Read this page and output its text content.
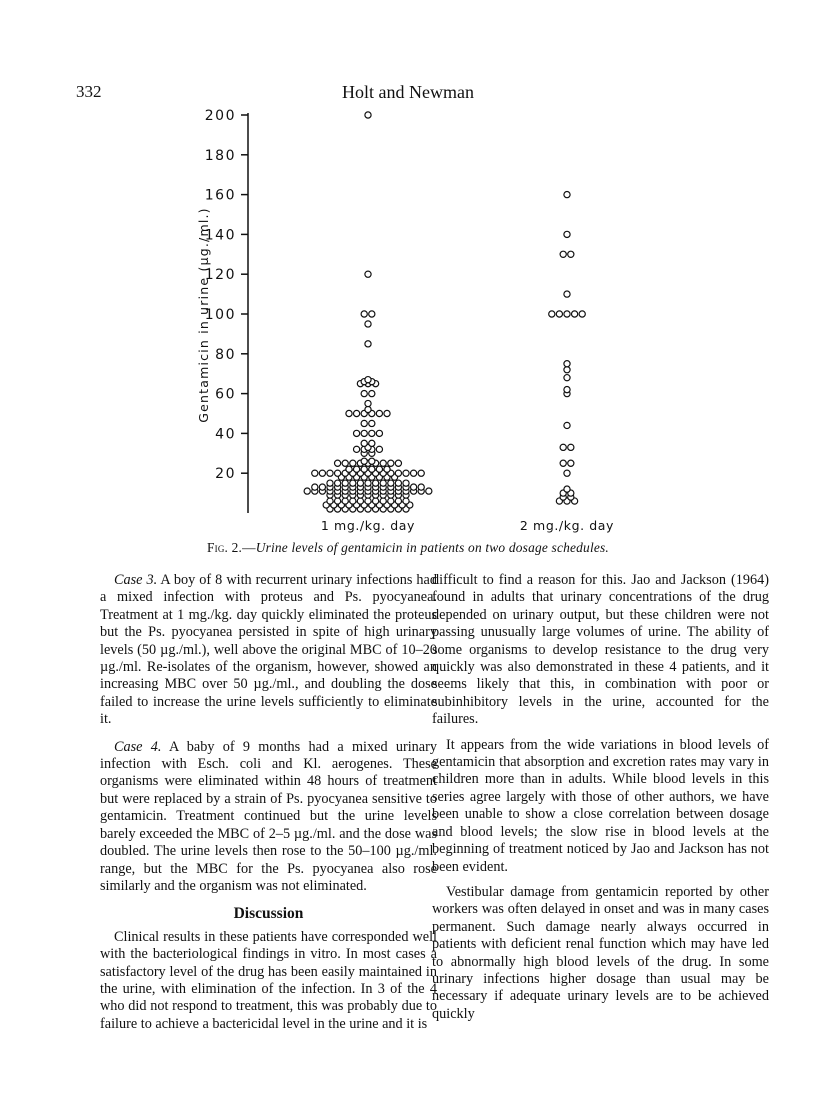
332	Holt and Newman
20
40
60
80
100
120
140
160
180
200
Gentamicin in urine (µg./ml.)
1 mg./kg. day	2 mg./kg. day
Fig. 2.—Urine levels of gentamicin in patients on two dosage schedules.

Case 3. A boy of 8 with recurrent urinary infections had a mixed infection with proteus and Ps. pyocyanea. Treatment at 1 mg./kg. day quickly eliminated the proteus but the Ps. pyocyanea persisted in spite of high urinary levels (50 µg./ml.), well above the original MBC of 10–20 µg./ml. Re-isolates of the organism, however, showed an increasing MBC over 50 µg./ml., and doubling the dose failed to increase the urine levels sufficiently to eliminate it.

Case 4. A baby of 9 months had a mixed urinary infection with Esch. coli and Kl. aerogenes. These organisms were eliminated within 48 hours of treatment but were replaced by a strain of Ps. pyocyanea sensitive to gentamicin. Treatment continued but the urine levels barely exceeded the MBC of 2–5 µg./ml. and the dose was doubled. The urine levels then rose to the 50–100 µg./ml. range, but the MBC for the Ps. pyocyanea also rose similarly and the organism was not eliminated.

Discussion

Clinical results in these patients have corresponded well with the bacteriological findings in vitro. In most cases a satisfactory level of the drug has been easily maintained in the urine, with elimination of the infection. In 3 of the 4 who did not respond to treatment, this was probably due to failure to achieve a bactericidal level in the urine and it is

difficult to find a reason for this. Jao and Jackson (1964) found in adults that urinary concentrations of the drug depended on urinary output, but these children were not passing unusually large volumes of urine. The ability of some organisms to develop resistance to the drug very quickly was also demonstrated in these 4 patients, and it seems likely that this, in combination with poor or subinhibitory levels in the urine, accounted for the failures.

It appears from the wide variations in blood levels of gentamicin that absorption and excretion rates may vary in children more than in adults. While blood levels in this series agree largely with those of other authors, we have been unable to show a close correlation between dosage and blood levels; the slow rise in blood levels at the beginning of treatment noticed by Jao and Jackson has not been evident.

Vestibular damage from gentamicin reported by other workers was often delayed in onset and was in many cases permanent. Such damage nearly always occurred in patients with deficient renal function which may have led to abnormally high blood levels of the drug. In some urinary infections higher dosage than usual may be necessary if adequate urinary levels are to be achieved quickly
